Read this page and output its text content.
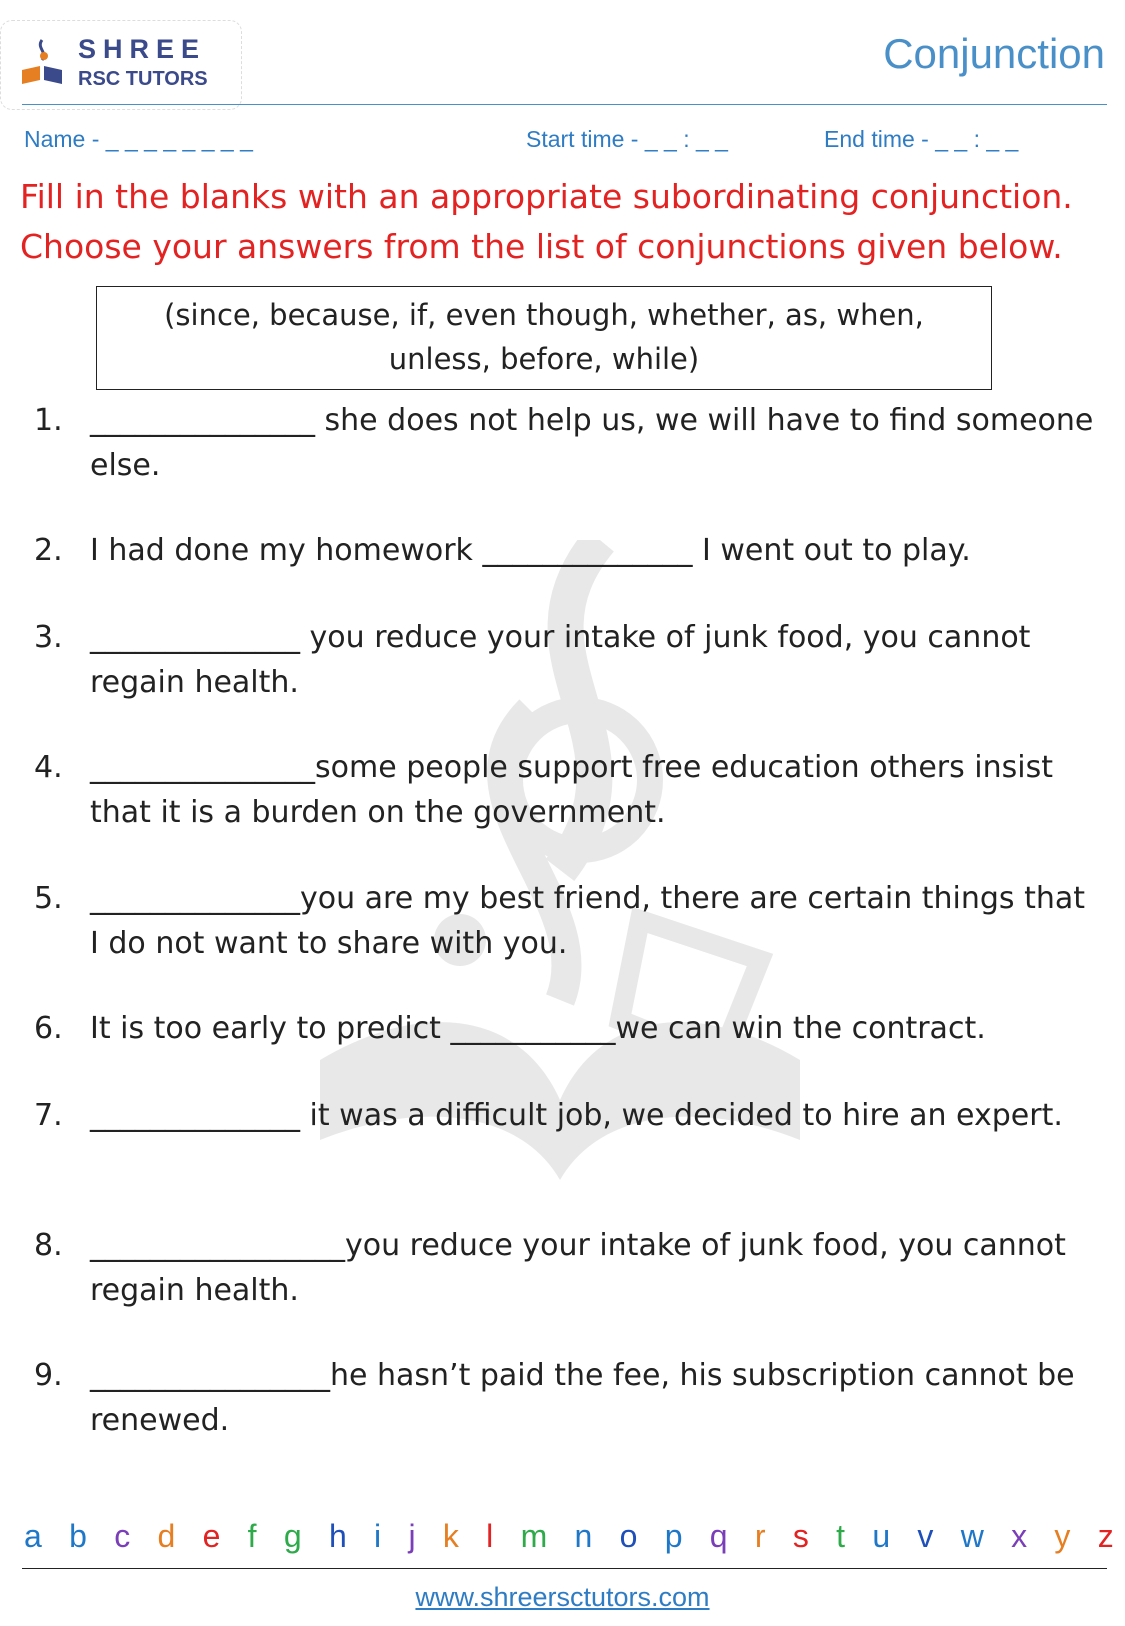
SHREE
RSC TUTORS
Conjunction
Name - _ _ _ _ _ _ _ _	Start time - _ _ : _ _	End time - _ _ : _ _
Fill in the blanks with an appropriate subordinating conjunction.
Choose your answers from the list of conjunctions given below.
(since, because, if, even though, whether, as, when,
unless, before, while)
1. _______________ she does not help us, we will have to find someone else.
2. I had done my homework ______________ I went out to play.
3. ______________ you reduce your intake of junk food, you cannot regain health.
4. _______________some people support free education others insist that it is a burden on the government.
5. ______________you are my best friend, there are certain things that I do not want to share with you.
6. It is too early to predict ___________we can win the contract.
7. ______________ it was a difficult job, we decided to hire an expert.
8. _________________you reduce your intake of junk food, you cannot regain health.
9. ________________he hasn’t paid the fee, his subscription cannot be renewed.
a b c d e f g h i j k l m n o p q r s t u v w x y z
www.shreersctutors.com
